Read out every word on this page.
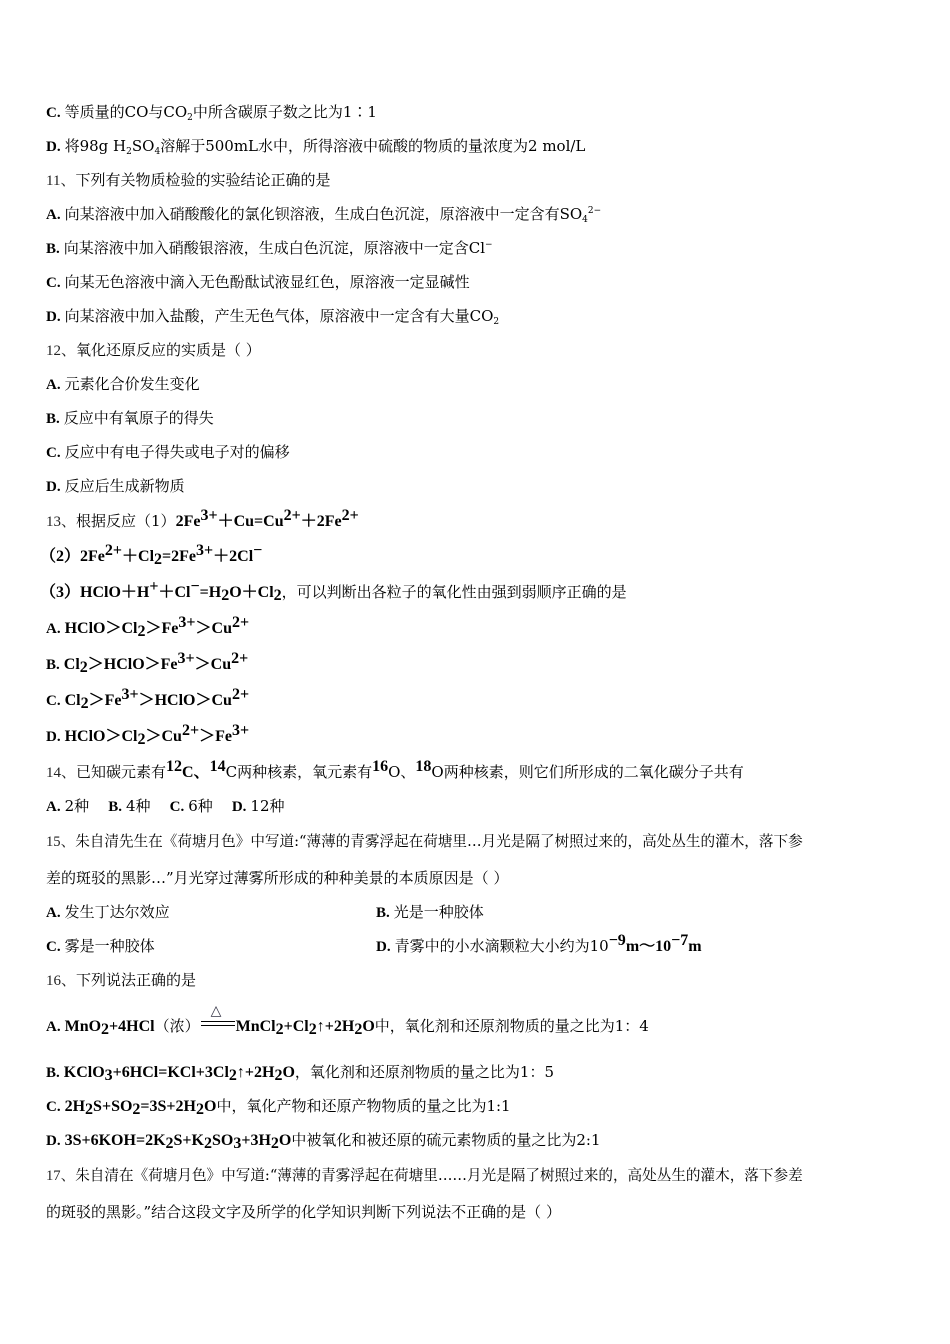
C. 等质量的CO与$CO_2$中所含碳原子数之比为1∶1
D. 将98g $H_2SO_4$溶解于500mL水中，所得溶液中硫酸的物质的量浓度为2 mol/L
11、下列有关物质检验的实验结论正确的是
A. 向某溶液中加入硝酸酸化的氯化钡溶液，生成白色沉淀，原溶液中一定含有$SO_4^{2-}$
B. 向某溶液中加入硝酸银溶液，生成白色沉淀，原溶液中一定含Cl−
C. 向某无色溶液中滴入无色酚酞试液显红色，原溶液一定显碱性
D. 向某溶液中加入盐酸，产生无色气体，原溶液中一定含有大量$CO_2$
12、氧化还原反应的实质是（ ）
A. 元素化合价发生变化
B. 反应中有氧原子的得失
C. 反应中有电子得失或电子对的偏移
D. 反应后生成新物质
13、根据反应$(1)2Fe^{3+}+Cu=Cu^{2+}+2Fe^{2+}$
$(2)2Fe^{2+}+Cl_2=2Fe^{3+}+2Cl^-$
$(3)HClO+H^++Cl^-=H_2O+Cl_2$，可以判断出各粒子的氧化性由强到弱顺序正确的是
A. $HClO>Cl_2>Fe^{3+}>Cu^{2+}$
B. $Cl_2>HClO>Fe^{3+}>Cu^{2+}$
C. $Cl_2>Fe^{3+}>HClO>Cu^{2+}$
D. $HClO>Cl_2>Cu^{2+}>Fe^{3+}$
14、已知碳元素有$^{12}$C、$^{14}$C两种核素，氧元素有$^{16}$O、$^{18}$O两种核素，则它们所形成的二氧化碳分子共有
A. 2种 B. 4种 C. 6种 D. 12种
15、朱自清先生在《荷塘月色》中写道:“薄薄的青雾浮起在荷塘里…月光是隔了树照过来的，高处丛生的灌木，落下参
差的斑驳的黑影…”月光穿过薄雾所形成的种种美景的本质原因是（ ）
A. 发生丁达尔效应	B. 光是一种胶体
C. 雾是一种胶体	D. 青雾中的小水滴颗粒大小约为$10^{-9}m\sim 10^{-7}m$
16、下列说法正确的是
A. MnO$_2$+4HCl（浓）
△
$MnCl_2+Cl_2↑+2H_2O$中，氧化剂和还原剂物质的量之比为1：4
B. $KClO_3+6HCl=KCl+3Cl_2↑+2H_2O$，氧化剂和还原剂物质的量之比为1：5
C. $2H_2S+SO_2=3S+2H_2O$中，氧化产物和还原产物物质的量之比为1:1
D. $3S+6KOH=2K_2S+K_2SO_3+3H_2O$中被氧化和被还原的硫元素物质的量之比为2:1
17、朱自清在《荷塘月色》中写道:“薄薄的青雾浮起在荷塘里……月光是隔了树照过来的，高处丛生的灌木，落下参差
的斑驳的黑影。”结合这段文字及所学的化学知识判断下列说法不正确的是（ ）
